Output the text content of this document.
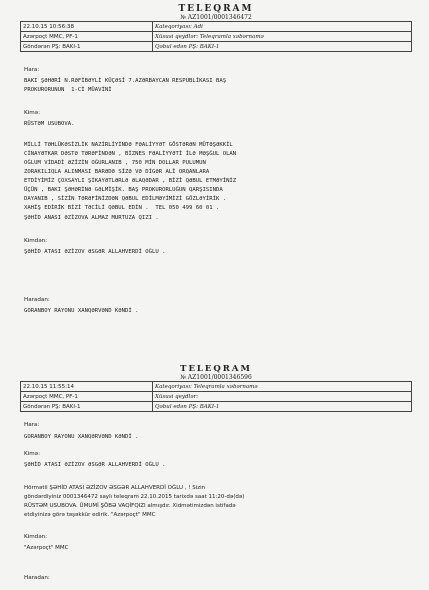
TELEQRAM
№ AZ1001/0001346472
22.10.15 10:56:38	Kateqoriyası: Adi
Azərpoçt MMC, PF-1	Xüsusi qeydlər: Teleqramla xəbərnamə
Göndərən PŞ: BAKI-1	Qəbul edən PŞ: BAKI-1
Hara:
BAKI ŞƏHƏRİ N.RƏFİBƏYLİ KÜÇƏSİ 7.AZƏRBAYCAN RESPUBLİKASI BAŞ
PROKURORUNUN  1-Cİ MÜAVİNİ
Kimə:
RÜSTƏM USUBOVA.
MİLLİ TƏHLÜKƏSİZLİK NAZİRLİYİNDƏ FƏALİYYƏT GÖSTƏRƏN MÜTƏŞƏKKİL
CİNAYƏTKAR DƏSTƏ TƏRƏFİNDƏN , BİZNES FƏALİYYƏTİ İLƏ MƏŞĞUL OLAN
OĞLUM VİDADİ ƏZİZİN OĞURLANIB , 750 MİN DOLLAR PULUMUN
ZORAKILIQLA ALINMASI BARƏDƏ SİZƏ VƏ DİGƏR ALİ ORQANLARA
ETDİYİMİZ ÇOXSAYLI ŞİKAYƏTLƏRLƏ ƏLAQƏDAR , BİZİ QƏBUL ETMƏYİNİZ
ÜÇÜN , BAKI ŞƏHƏRİNƏ GƏLMİŞİK. BAŞ PROKURORLUĞUN QARŞISINDA
DAYANIB , SİZİN TƏRƏFİNİZDƏN QƏBUL EDİLMƏYİMİZİ GÖZLƏYİRİK .
XAHİŞ EDİRİK BİZİ TƏCİLİ QƏBUL EDİN .  TEL 050 499 60 01 .
ŞƏHİD ANASI ƏZİZOVA ALMAZ MURTUZA QIZI .
Kimdən:
ŞƏHİD ATASI ƏZİZOV ƏSGƏR ALLAHVERDİ OĞLU .
Haradan:
GORANBOY RAYONU XANQƏRVƏND KƏNDİ .
TELEQRAM
№ AZ1001/0001346596
22.10.15 11:55:14	Kateqoriyası: Teleqramla xəbərnamə
Azərpoçt MMC, PF-1	Xüsusi qeydlər:
Göndərən PŞ: BAKI-1	Qəbul edən PŞ: BAKI-1
Hara:
GORANBOY RAYONU XANQƏRVƏND KƏNDİ .
Kimə:
ŞƏHİD ATASI ƏZİZOV ƏSGƏR ALLAHVERDİ OĞLU .
Hörmətli ŞƏHİD ATASI ƏZİZOV ƏSGƏR ALLAHVERDİ OĞLU , ! Sizin
göndərdiyiniz 0001346472 saylı teleqram 22.10.2015 tarixdə saat 11:20-də(də)
RÜSTƏM USUBOVA. ÜMUMİ ŞÖBƏ VAQİFQIZI almışdır. Xidmətimizdən istifadə
etdiyinizə görə təşəkkür edirik. "Azərpoçt" MMC
Kimdən:
"Azərpoçt" MMC
Haradan:
